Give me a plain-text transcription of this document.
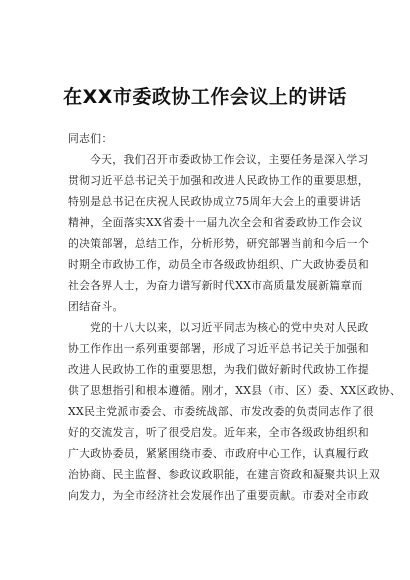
在XX市委政协工作会议上的讲话
同志们：
今天，我们召开市委政协工作会议，主要任务是深入学习
贯彻习近平总书记关于加强和改进人民政协工作的重要思想，
特别是总书记在庆祝人民政协成立75周年大会上的重要讲话
精神，全面落实XX省委十一届九次全会和省委政协工作会议
的决策部署，总结工作，分析形势，研究部署当前和今后一个
时期全市政协工作，动员全市各级政协组织、广大政协委员和
社会各界人士，为奋力谱写新时代XX市高质量发展新篇章而
团结奋斗。
党的十八大以来，以习近平同志为核心的党中央对人民政
协工作作出一系列重要部署，形成了习近平总书记关于加强和
改进人民政协工作的重要思想，为我们做好新时代政协工作提
供了思想指引和根本遵循。刚才，XX县（市、区）委、XX区政协、
XX民主党派市委会、市委统战部、市发改委的负责同志作了很
好的交流发言，听了很受启发。近年来，全市各级政协组织和
广大政协委员，紧紧围绕市委、市政府中心工作，认真履行政
治协商、民主监督、参政议政职能，在建言资政和凝聚共识上双
向发力，为全市经济社会发展作出了重要贡献。市委对全市政
